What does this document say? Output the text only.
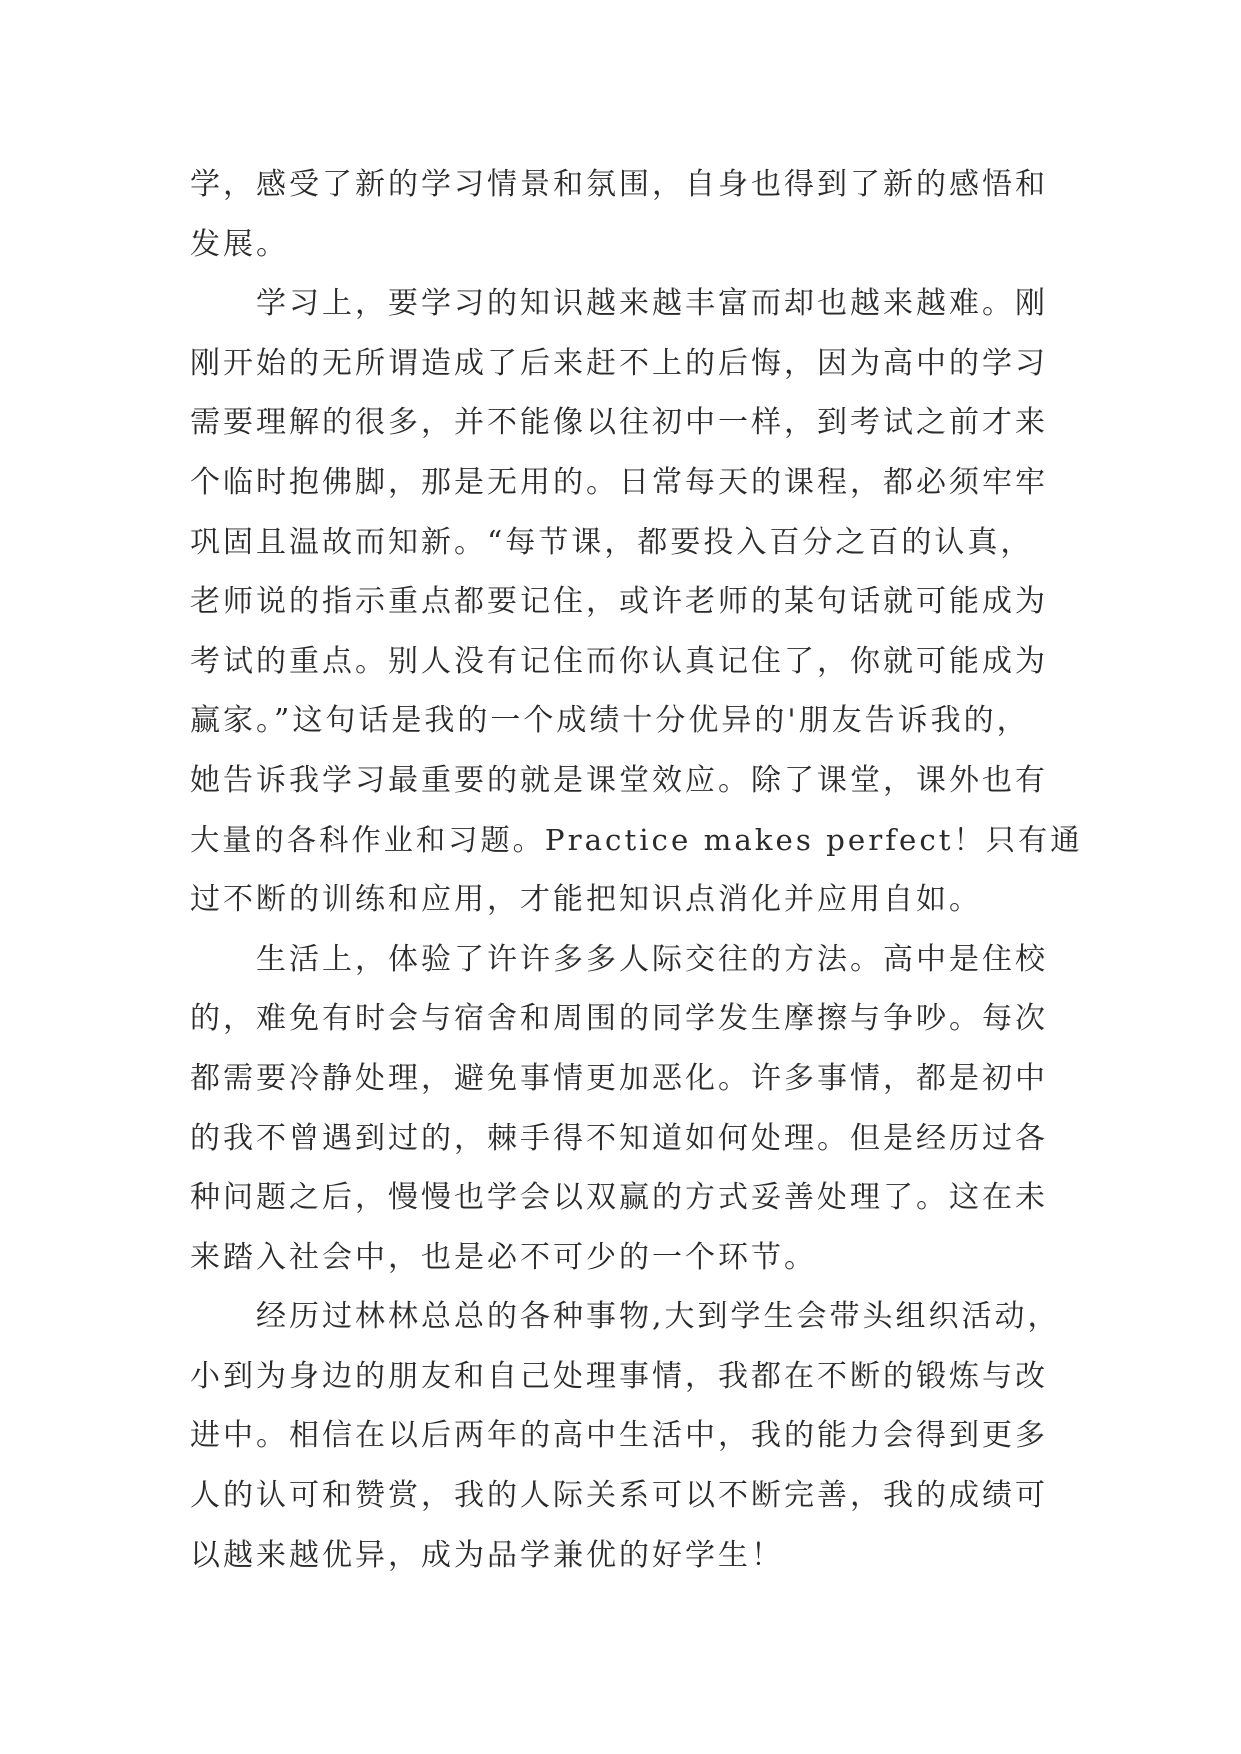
学，感受了新的学习情景和氛围，自身也得到了新的感悟和
发展。
学习上，要学习的知识越来越丰富而却也越来越难。刚
刚开始的无所谓造成了后来赶不上的后悔，因为高中的学习
需要理解的很多，并不能像以往初中一样，到考试之前才来
个临时抱佛脚，那是无用的。日常每天的课程，都必须牢牢
巩固且温故而知新。“每节课，都要投入百分之百的认真，
老师说的指示重点都要记住，或许老师的某句话就可能成为
考试的重点。别人没有记住而你认真记住了，你就可能成为
赢家。”这句话是我的一个成绩十分优异的'朋友告诉我的，
她告诉我学习最重要的就是课堂效应。除了课堂，课外也有
大量的各科作业和习题。Practice makes perfect！只有通
过不断的训练和应用，才能把知识点消化并应用自如。
生活上，体验了许许多多人际交往的方法。高中是住校
的，难免有时会与宿舍和周围的同学发生摩擦与争吵。每次
都需要冷静处理，避免事情更加恶化。许多事情，都是初中
的我不曾遇到过的，棘手得不知道如何处理。但是经历过各
种问题之后，慢慢也学会以双赢的方式妥善处理了。这在未
来踏入社会中，也是必不可少的一个环节。
经历过林林总总的各种事物,大到学生会带头组织活动，
小到为身边的朋友和自己处理事情，我都在不断的锻炼与改
进中。相信在以后两年的高中生活中，我的能力会得到更多
人的认可和赞赏，我的人际关系可以不断完善，我的成绩可
以越来越优异，成为品学兼优的好学生！
